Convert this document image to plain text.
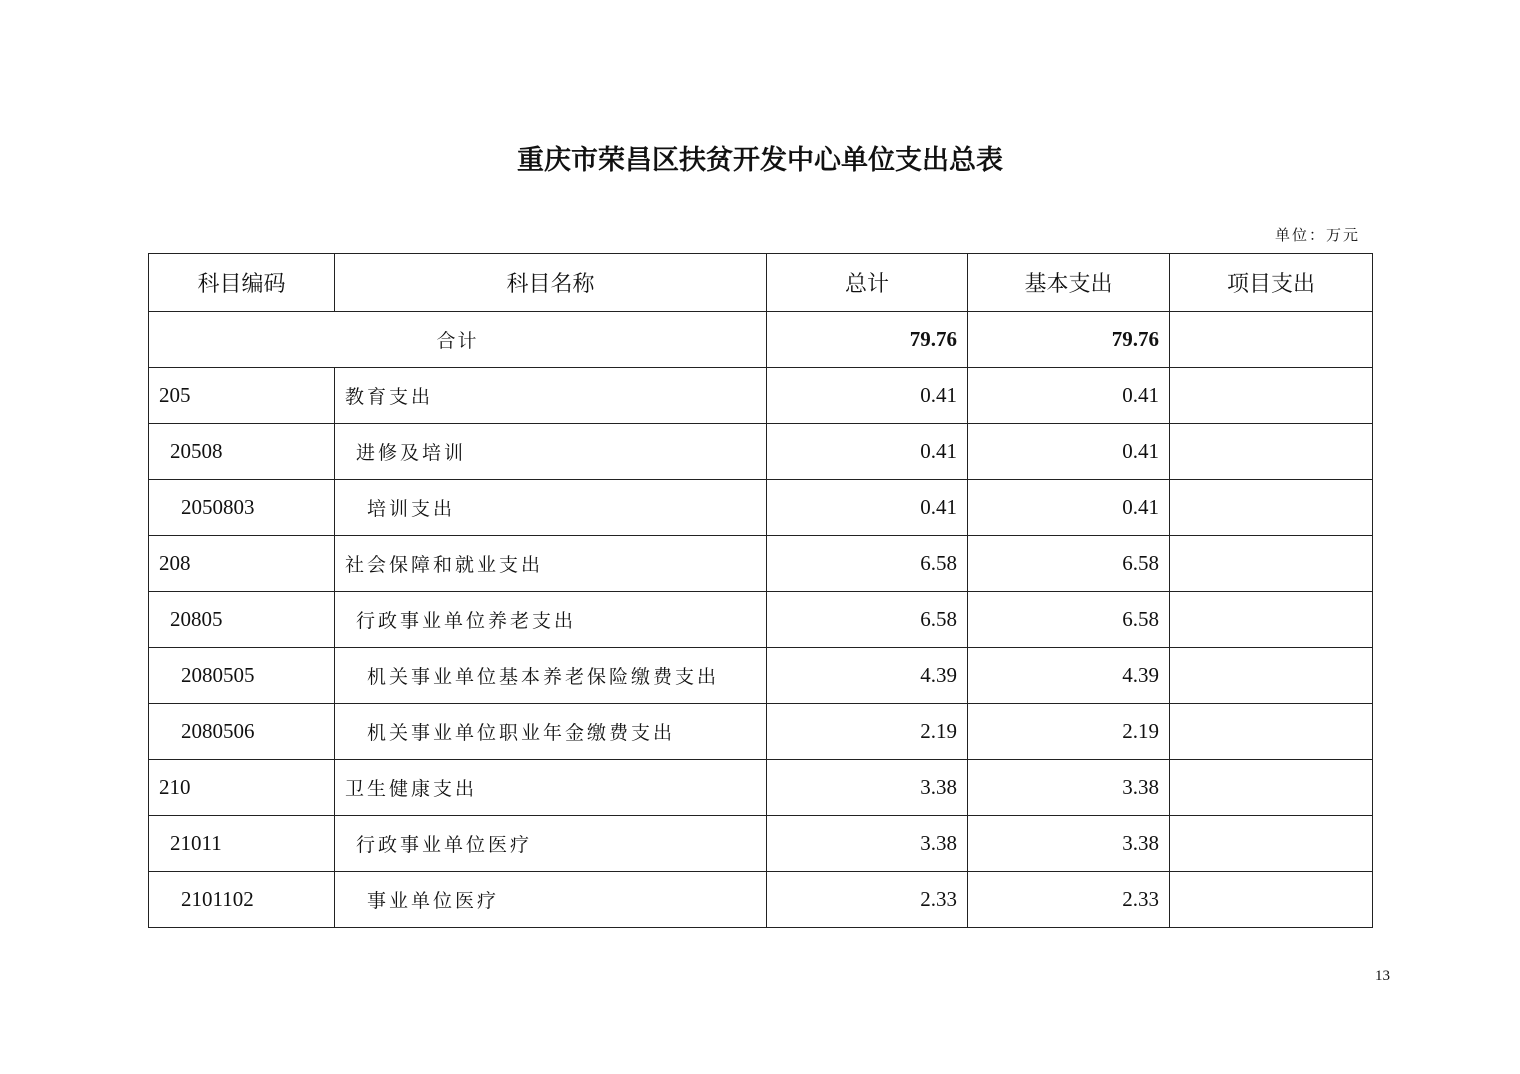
重庆市荣昌区扶贫开发中心单位支出总表
单位：万元
科目编码	科目名称	总计	基本支出	项目支出
合计		79.76	79.76	
205	教育支出	0.41	0.41	
20508	进修及培训	0.41	0.41	
2050803	培训支出	0.41	0.41	
208	社会保障和就业支出	6.58	6.58	
20805	行政事业单位养老支出	6.58	6.58	
2080505	机关事业单位基本养老保险缴费支出	4.39	4.39	
2080506	机关事业单位职业年金缴费支出	2.19	2.19	
210	卫生健康支出	3.38	3.38	
21011	行政事业单位医疗	3.38	3.38	
2101102	事业单位医疗	2.33	2.33	
13
